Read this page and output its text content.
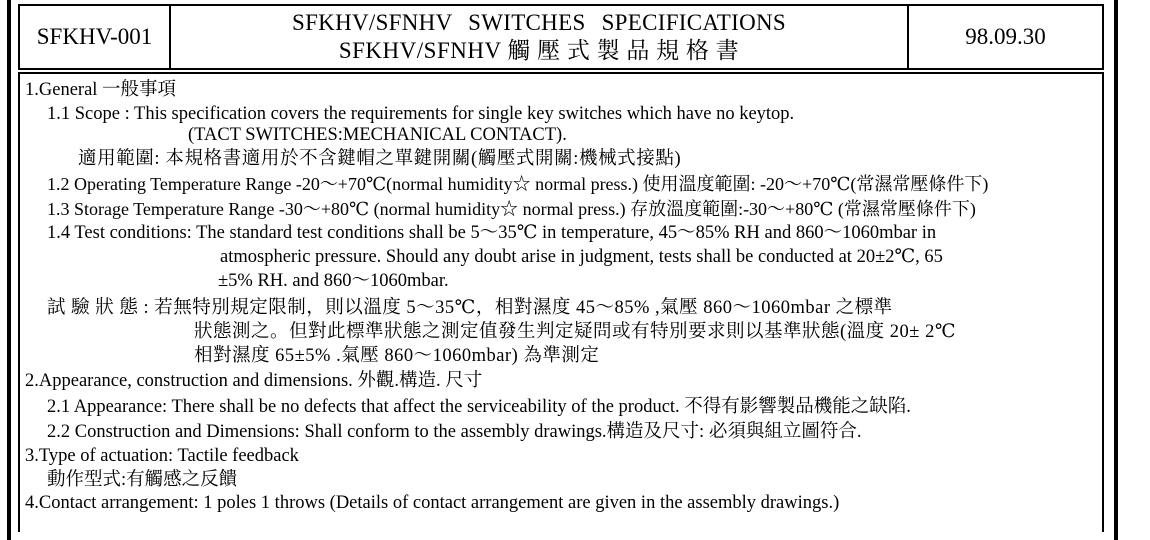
SFKHV-001
SFKHV/SFNHV SWITCHES SPECIFICATIONS
SFKHV/SFNHV 觸 壓 式 製 品 規 格 書
98.09.30
1.General 一般事項
1.1 Scope : This specification covers the requirements for single key switches which have no keytop.
(TACT SWITCHES:MECHANICAL CONTACT).
適用範圍: 本規格書適用於不含鍵帽之單鍵開關(觸壓式開關:機械式接點)
1.2 Operating Temperature Range -20～+70℃(normal humidity☆ normal press.) 使用溫度範圍: -20～+70℃(常濕常壓條件下)
1.3 Storage Temperature Range -30～+80℃ (normal humidity☆ normal press.) 存放溫度範圍:-30～+80℃ (常濕常壓條件下)
1.4 Test conditions: The standard test conditions shall be 5～35℃ in temperature, 45～85% RH and 860～1060mbar in
atmospheric pressure. Should any doubt arise in judgment, tests shall be conducted at 20±2℃, 65
±5% RH. and 860～1060mbar.
試 驗 狀 態 : 若無特別規定限制，則以溫度 5～35℃，相對濕度 45～85% ,氣壓 860～1060mbar 之標準
狀態測之。但對此標準狀態之測定值發生判定疑問或有特別要求則以基準狀態(溫度 20± 2℃
相對濕度 65±5% .氣壓 860～1060mbar) 為準測定
2.Appearance, construction and dimensions. 外觀.構造. 尺寸
2.1 Appearance: There shall be no defects that affect the serviceability of the product. 不得有影響製品機能之缺陷.
2.2 Construction and Dimensions: Shall conform to the assembly drawings.構造及尺寸: 必須與組立圖符合.
3.Type of actuation: Tactile feedback
動作型式:有觸感之反饋
4.Contact arrangement: 1 poles 1 throws (Details of contact arrangement are given in the assembly drawings.)
